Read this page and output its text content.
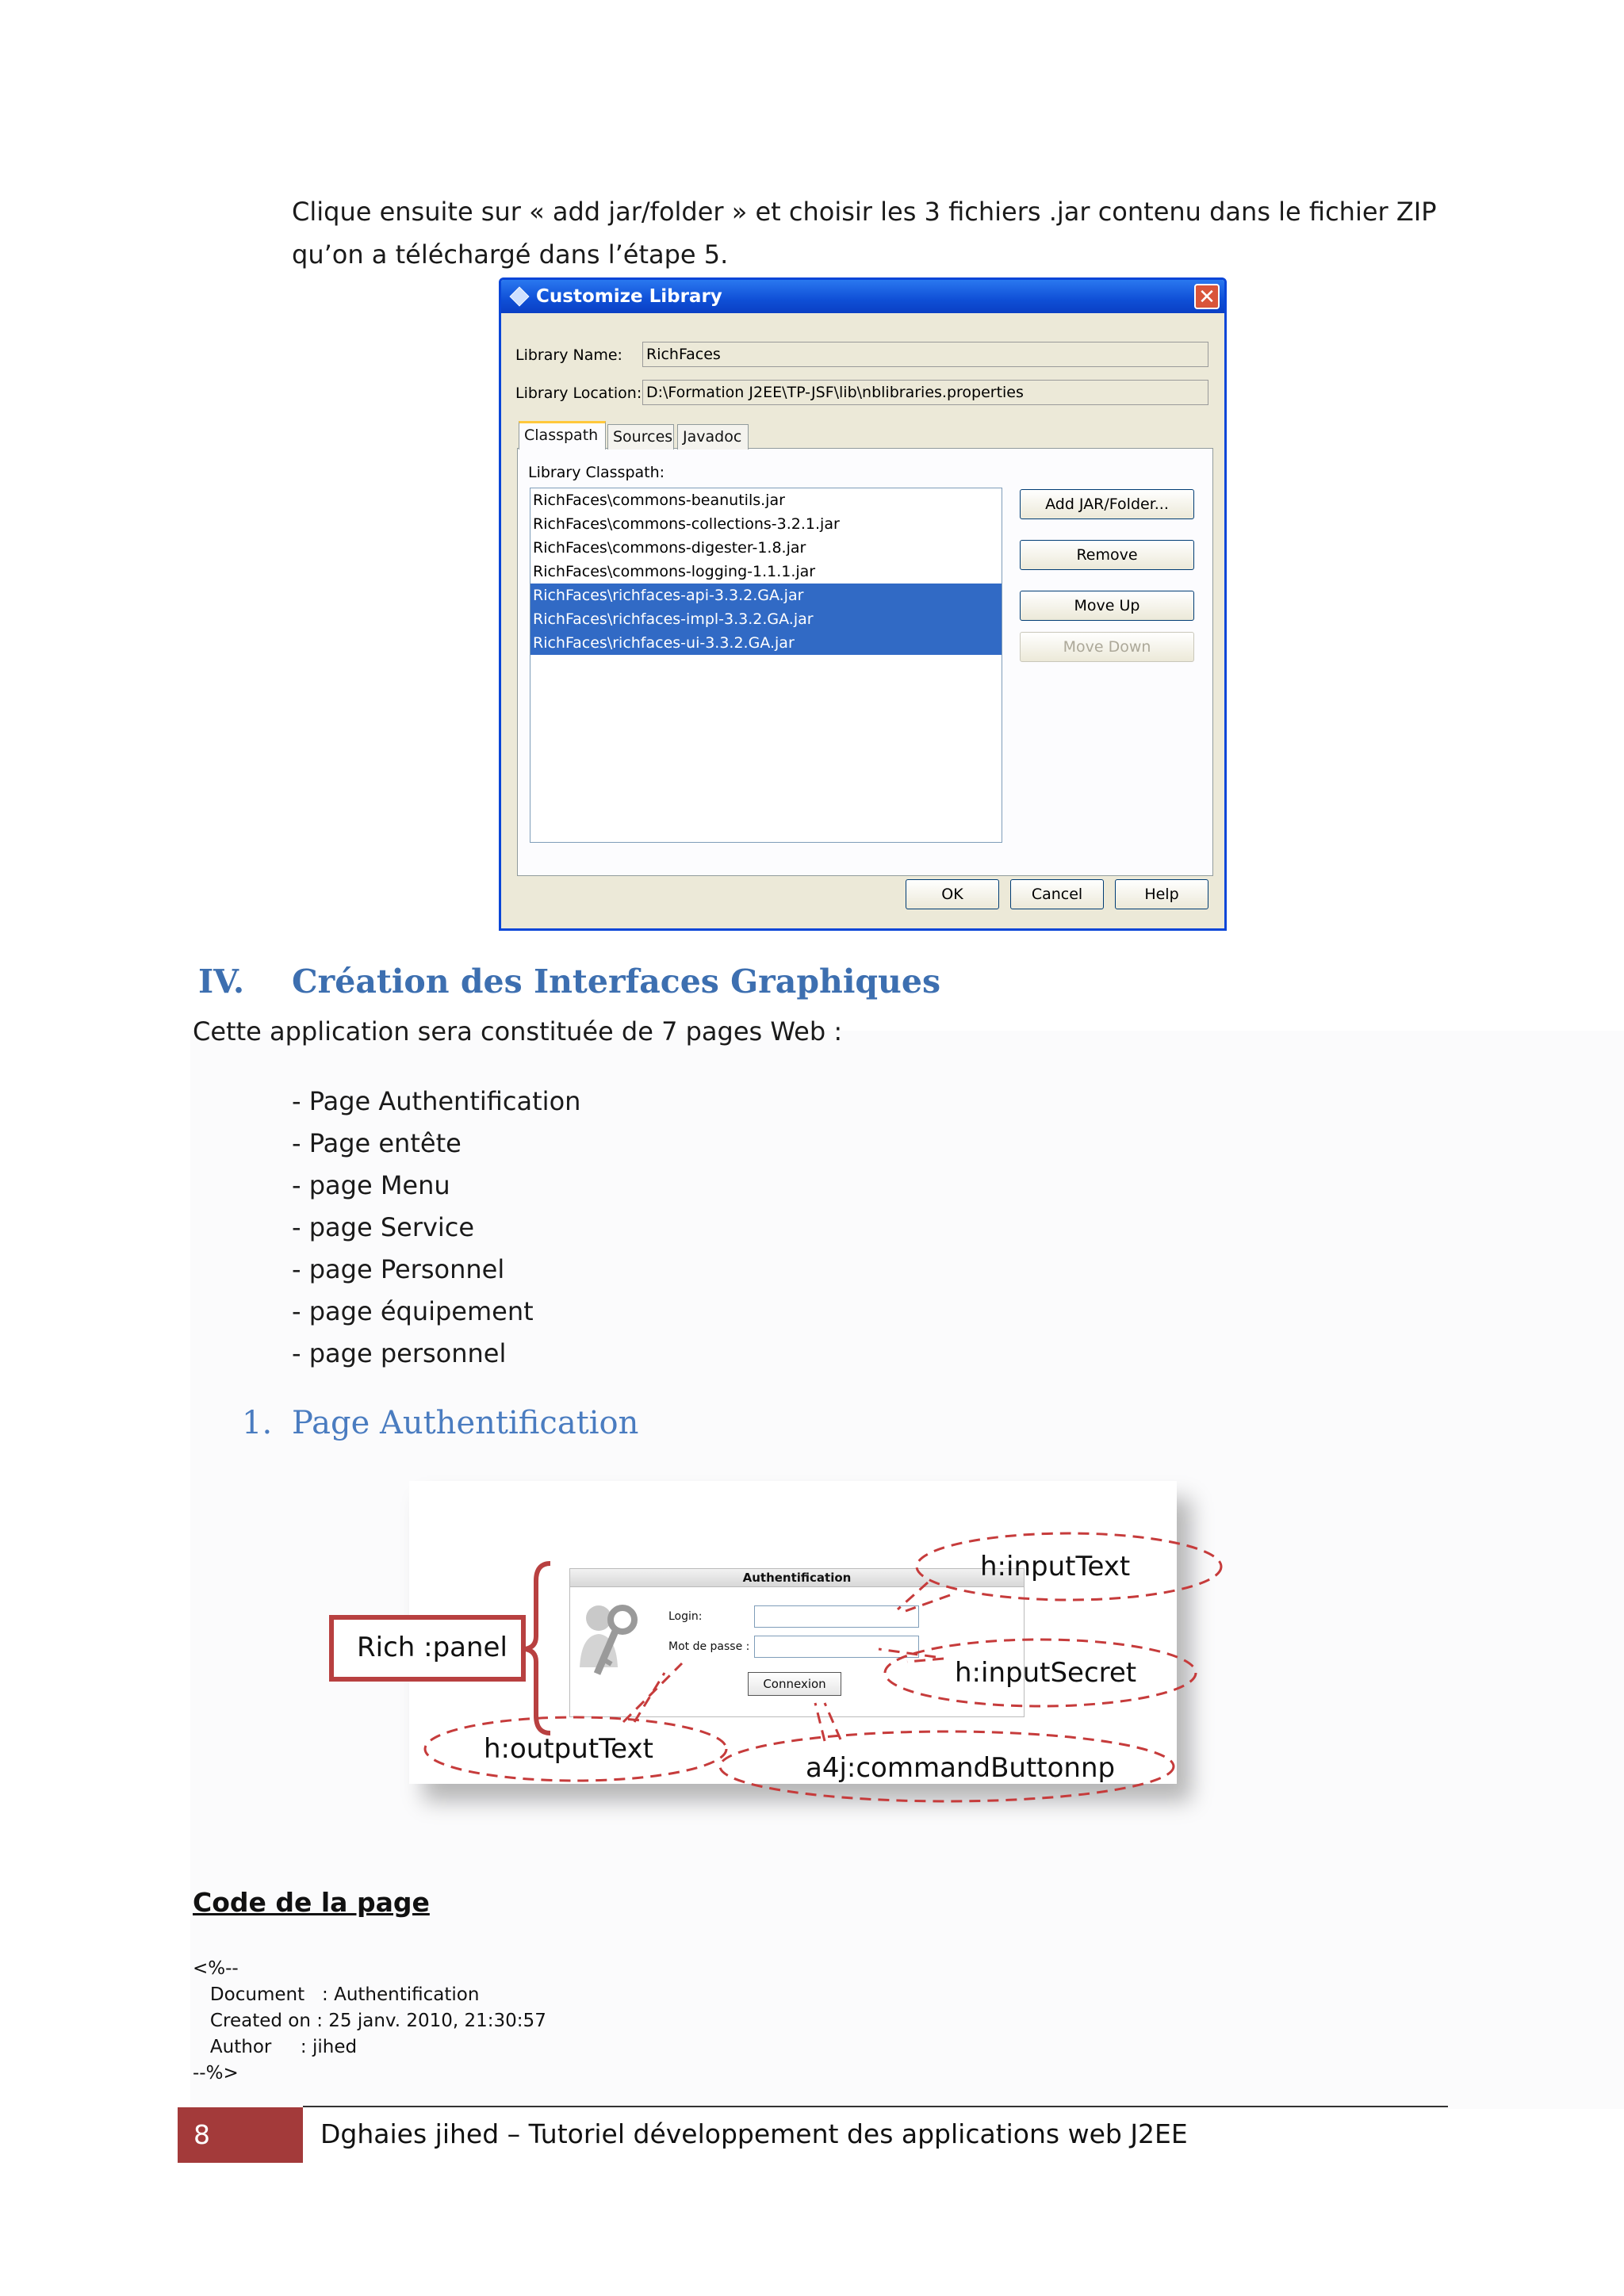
Clique ensuite sur « add jar/folder » et choisir les 3 fichiers .jar contenu dans le fichier ZIP
qu’on a téléchargé dans l’étape 5.
Customize Library	✕
Library Name: RichFaces
Library Location: D:\Formation J2EE\TP-JSF\lib\nblibraries.properties
Classpath Sources Javadoc
Library Classpath:
RichFaces\commons-beanutils.jar
RichFaces\commons-collections-3.2.1.jar
RichFaces\commons-digester-1.8.jar
RichFaces\commons-logging-1.1.1.jar
RichFaces\richfaces-api-3.3.2.GA.jar
RichFaces\richfaces-impl-3.3.2.GA.jar
RichFaces\richfaces-ui-3.3.2.GA.jar
Add JAR/Folder...
Remove
Move Up
Move Down
OK	Cancel	Help
IV. Création des Interfaces Graphiques
Cette application sera constituée de 7 pages Web :
- Page Authentification
- Page entête
- page Menu
- page Service
- page Personnel
- page équipement
- page personnel
1. Page Authentification
Authentification
Login:
Mot de passe :
Connexion
Rich :panel
h:inputText
h:inputSecret
h:outputText
a4j:commandButtonnp
Code de la page
<%--
Document   : Authentification
Created on : 25 janv. 2010, 21:30:57
Author     : jihed
--%>
8	Dghaies jihed – Tutoriel développement des applications web J2EE
